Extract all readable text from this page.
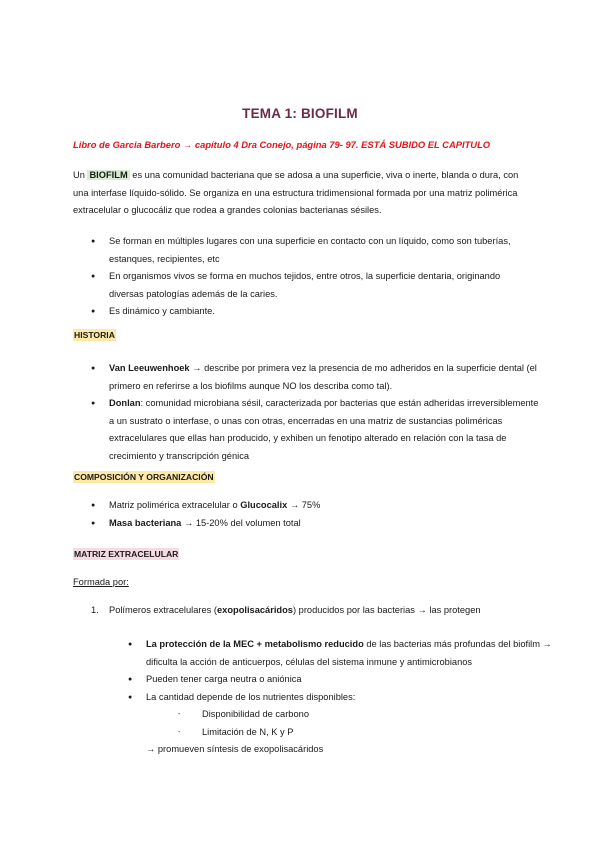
TEMA 1: BIOFILM
Libro de Garcia Barbero → capítulo 4 Dra Conejo, página 79- 97. ESTÁ SUBIDO EL CAPITULO
Un BIOFILM es una comunidad bacteriana que se adosa a una superficie, viva o inerte, blanda o dura, con una interfase líquido-sólido. Se organiza en una estructura tridimensional formada por una matriz polimérica extracelular o glucocáliz que rodea a grandes colonias bacterianas sésiles.
● Se forman en múltiples lugares con una superficie en contacto con un líquido, como son tuberías, estanques, recipientes, etc
● En organismos vivos se forma en muchos tejidos, entre otros, la superficie dentaria, originando diversas patologías además de la caries.
● Es dinámico y cambiante.
HISTORIA
● Van Leeuwenhoek → describe por primera vez la presencia de mo adheridos en la superficie dental (el primero en referirse a los biofilms aunque NO los describa como tal).
● Donlan: comunidad microbiana sésil, caracterizada por bacterias que están adheridas irreversiblemente a un sustrato o interfase, o unas con otras, encerradas en una matriz de sustancias poliméricas extracelulares que ellas han producido, y exhiben un fenotipo alterado en relación con la tasa de crecimiento y transcripción génica
COMPOSICIÓN Y ORGANIZACIÓN
● Matriz polimérica extracelular o Glucocalix → 75%
● Masa bacteriana → 15-20% del volumen total
MATRIZ EXTRACELULAR
Formada por:
1. Polímeros extracelulares (exopolisacáridos) producidos por las bacterias → las protegen
● La protección de la MEC + metabolismo reducido de las bacterias más profundas del biofilm → dificulta la acción de anticuerpos, células del sistema inmune y antimicrobianos
● Pueden tener carga neutra o aniónica
● La cantidad depende de los nutrientes disponibles:
- Disponibilidad de carbono
- Limitación de N, K y P
→ promueven síntesis de exopolisacáridos
